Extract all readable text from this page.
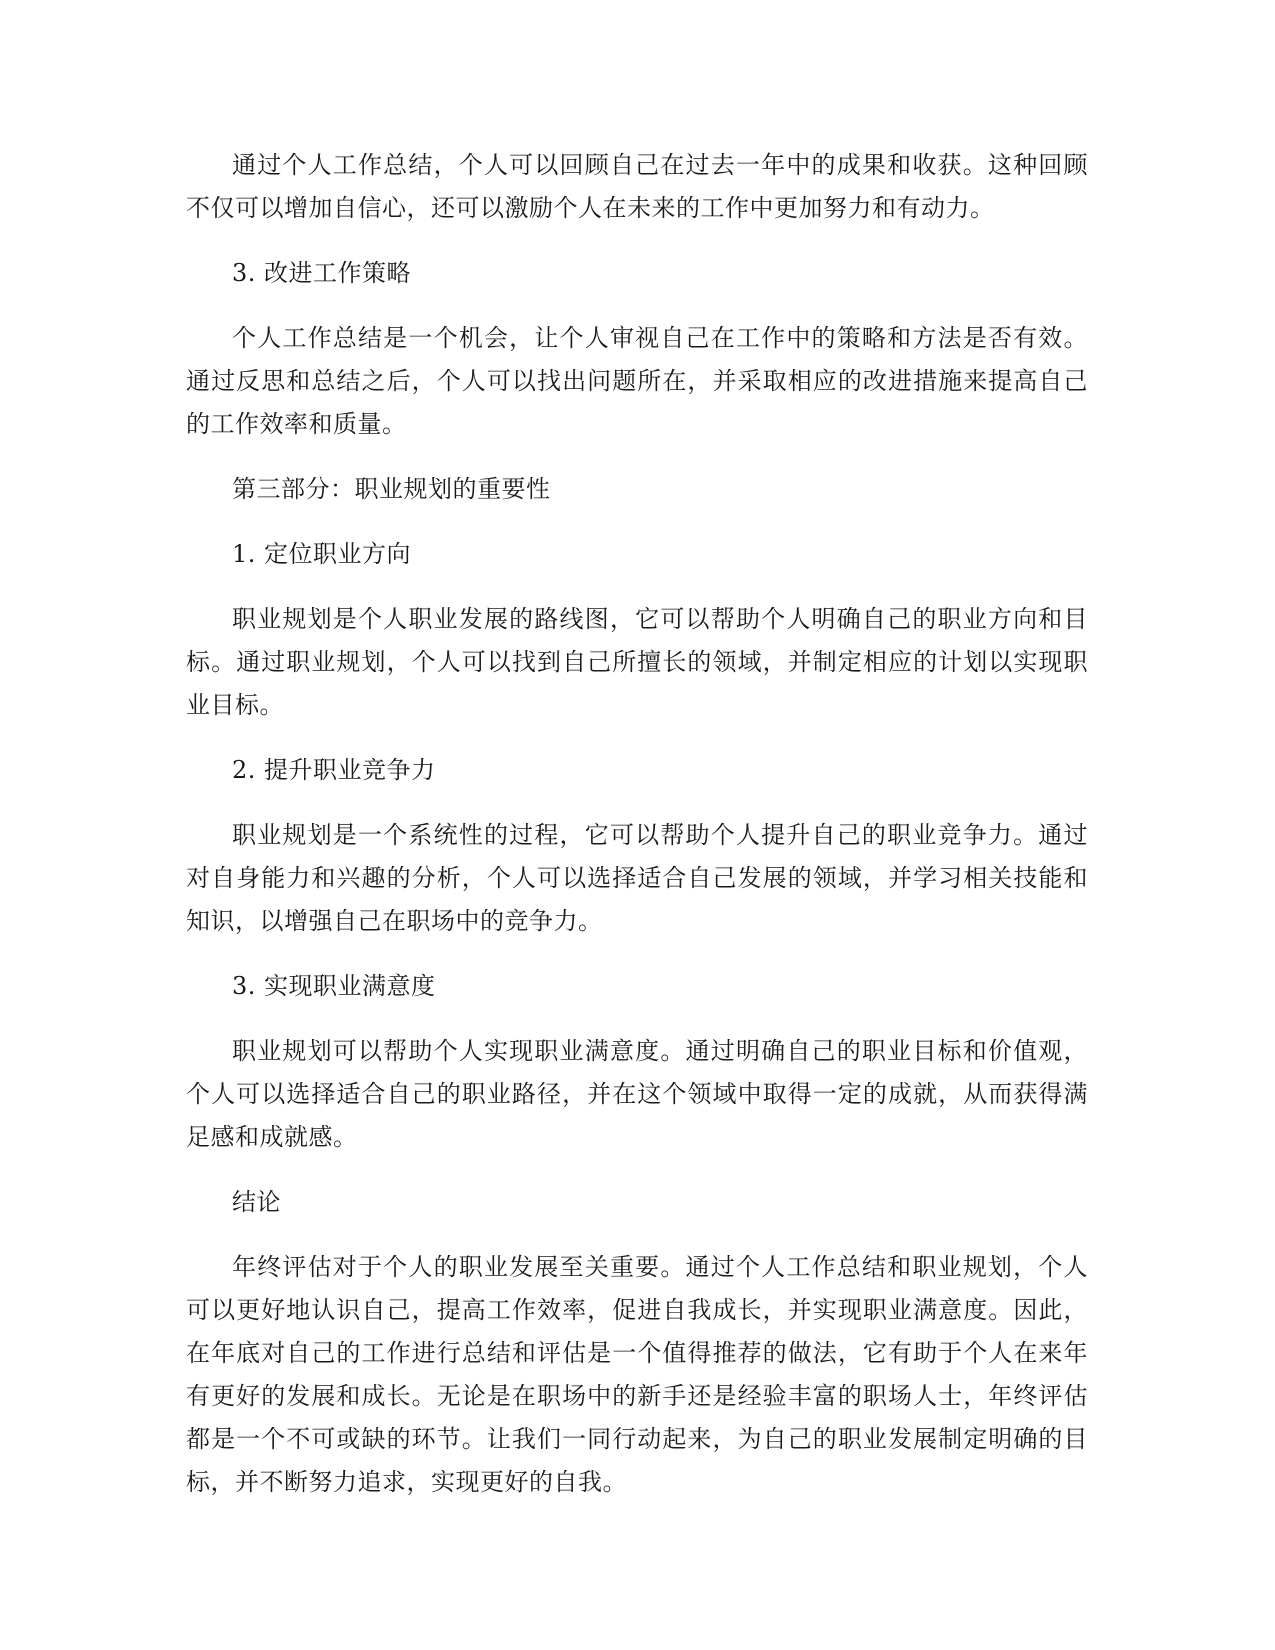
通过个人工作总结，个人可以回顾自己在过去一年中的成果和收获。这种回顾不仅可以增加自信心，还可以激励个人在未来的工作中更加努力和有动力。

3. 改进工作策略

个人工作总结是一个机会，让个人审视自己在工作中的策略和方法是否有效。通过反思和总结之后，个人可以找出问题所在，并采取相应的改进措施来提高自己的工作效率和质量。

第三部分：职业规划的重要性

1. 定位职业方向

职业规划是个人职业发展的路线图，它可以帮助个人明确自己的职业方向和目标。通过职业规划，个人可以找到自己所擅长的领域，并制定相应的计划以实现职业目标。

2. 提升职业竞争力

职业规划是一个系统性的过程，它可以帮助个人提升自己的职业竞争力。通过对自身能力和兴趣的分析，个人可以选择适合自己发展的领域，并学习相关技能和知识，以增强自己在职场中的竞争力。

3. 实现职业满意度

职业规划可以帮助个人实现职业满意度。通过明确自己的职业目标和价值观，个人可以选择适合自己的职业路径，并在这个领域中取得一定的成就，从而获得满足感和成就感。

结论

年终评估对于个人的职业发展至关重要。通过个人工作总结和职业规划，个人可以更好地认识自己，提高工作效率，促进自我成长，并实现职业满意度。因此，在年底对自己的工作进行总结和评估是一个值得推荐的做法，它有助于个人在来年有更好的发展和成长。无论是在职场中的新手还是经验丰富的职场人士，年终评估都是一个不可或缺的环节。让我们一同行动起来，为自己的职业发展制定明确的目标，并不断努力追求，实现更好的自我。
